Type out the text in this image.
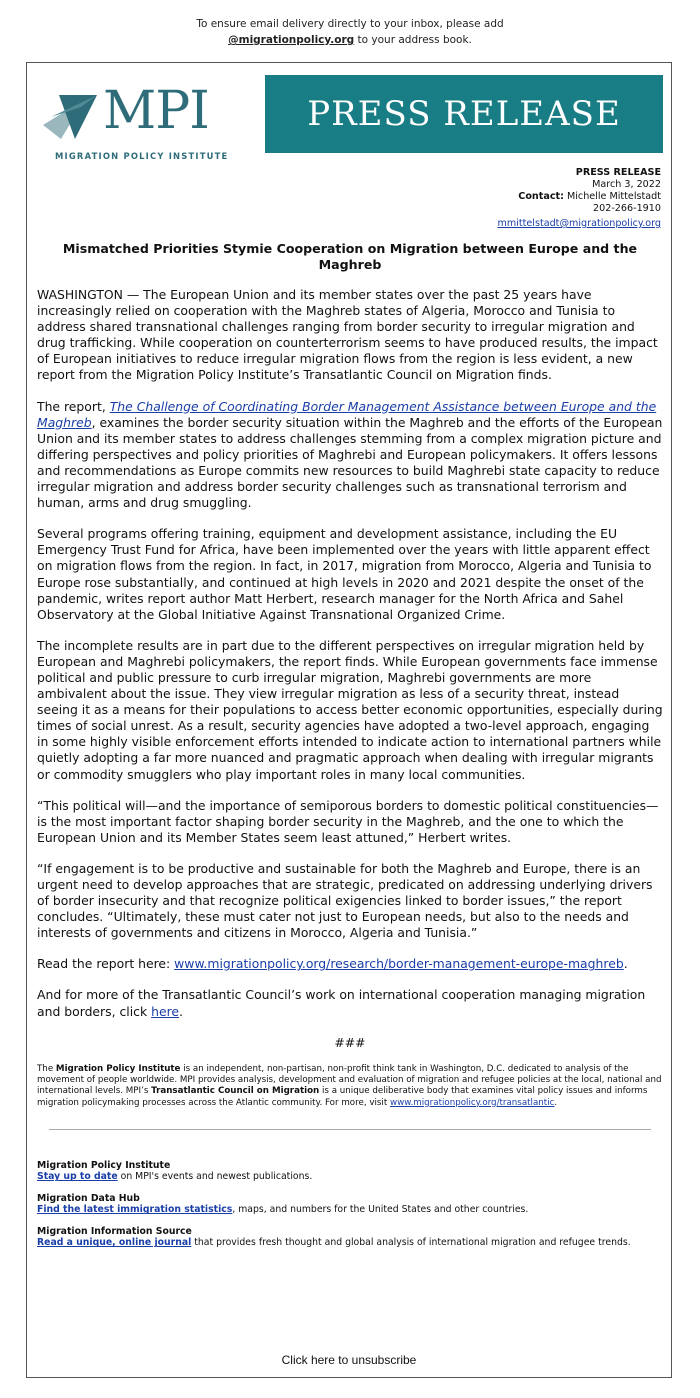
To ensure email delivery directly to your inbox, please add
@migrationpolicy.org to your address book.
MPI
MIGRATION POLICY INSTITUTE
PRESS RELEASE
PRESS RELEASE
March 3, 2022
Contact: Michelle Mittelstadt
202-266-1910
mmittelstadt@migrationpolicy.org
Mismatched Priorities Stymie Cooperation on Migration between Europe and the Maghreb

WASHINGTON — The European Union and its member states over the past 25 years have increasingly relied on cooperation with the Maghreb states of Algeria, Morocco and Tunisia to address shared transnational challenges ranging from border security to irregular migration and drug trafficking. While cooperation on counterterrorism seems to have produced results, the impact of European initiatives to reduce irregular migration flows from the region is less evident, a new report from the Migration Policy Institute’s Transatlantic Council on Migration finds.

The report, The Challenge of Coordinating Border Management Assistance between Europe and the Maghreb, examines the border security situation within the Maghreb and the efforts of the European Union and its member states to address challenges stemming from a complex migration picture and differing perspectives and policy priorities of Maghrebi and European policymakers. It offers lessons and recommendations as Europe commits new resources to build Maghrebi state capacity to reduce irregular migration and address border security challenges such as transnational terrorism and human, arms and drug smuggling.

Several programs offering training, equipment and development assistance, including the EU Emergency Trust Fund for Africa, have been implemented over the years with little apparent effect on migration flows from the region. In fact, in 2017, migration from Morocco, Algeria and Tunisia to Europe rose substantially, and continued at high levels in 2020 and 2021 despite the onset of the pandemic, writes report author Matt Herbert, research manager for the North Africa and Sahel Observatory at the Global Initiative Against Transnational Organized Crime.

The incomplete results are in part due to the different perspectives on irregular migration held by European and Maghrebi policymakers, the report finds. While European governments face immense political and public pressure to curb irregular migration, Maghrebi governments are more ambivalent about the issue. They view irregular migration as less of a security threat, instead seeing it as a means for their populations to access better economic opportunities, especially during times of social unrest. As a result, security agencies have adopted a two-level approach, engaging in some highly visible enforcement efforts intended to indicate action to international partners while quietly adopting a far more nuanced and pragmatic approach when dealing with irregular migrants or commodity smugglers who play important roles in many local communities.

“This political will—and the importance of semiporous borders to domestic political constituencies—is the most important factor shaping border security in the Maghreb, and the one to which the European Union and its Member States seem least attuned,” Herbert writes.

“If engagement is to be productive and sustainable for both the Maghreb and Europe, there is an urgent need to develop approaches that are strategic, predicated on addressing underlying drivers of border insecurity and that recognize political exigencies linked to border issues,” the report concludes. “Ultimately, these must cater not just to European needs, but also to the needs and interests of governments and citizens in Morocco, Algeria and Tunisia.”

Read the report here: www.migrationpolicy.org/research/border-management-europe-maghreb.

And for more of the Transatlantic Council’s work on international cooperation managing migration and borders, click here.

###
The Migration Policy Institute is an independent, non-partisan, non-profit think tank in Washington, D.C. dedicated to analysis of the movement of people worldwide. MPI provides analysis, development and evaluation of migration and refugee policies at the local, national and international levels. MPI’s Transatlantic Council on Migration is a unique deliberative body that examines vital policy issues and informs migration policymaking processes across the Atlantic community. For more, visit www.migrationpolicy.org/transatlantic.
Migration Policy Institute
Stay up to date on MPI's events and newest publications.
Migration Data Hub
Find the latest immigration statistics, maps, and numbers for the United States and other countries.
Migration Information Source
Read a unique, online journal that provides fresh thought and global analysis of international migration and refugee trends.
Click here to unsubscribe
